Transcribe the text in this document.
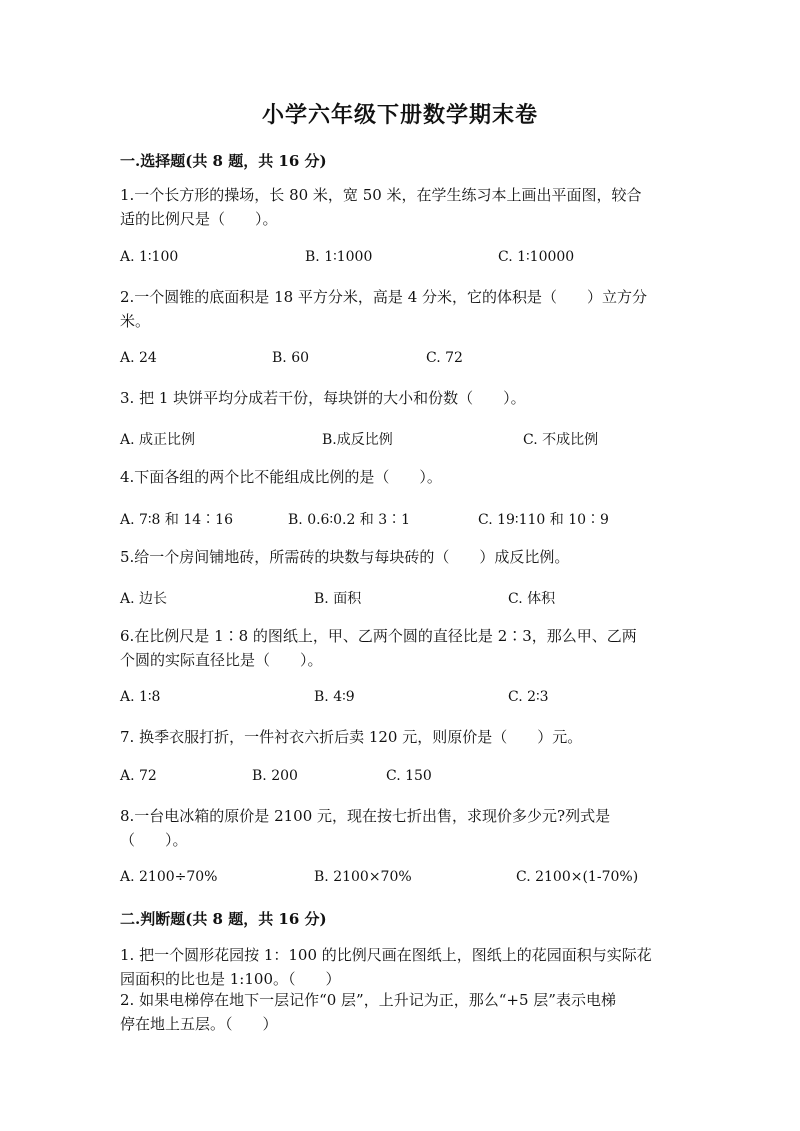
小学六年级下册数学期末卷
一.选择题(共 8 题，共 16 分)
1.一个长方形的操场，长 80 米，宽 50 米，在学生练习本上画出平面图，较合
适的比例尺是（　　）。
A. 1∶100	B. 1∶1000	C. 1∶10000
2.一个圆锥的底面积是 18 平方分米，高是 4 分米，它的体积是（　　）立方分
米。
A. 24	B. 60	C. 72
3. 把 1 块饼平均分成若干份，每块饼的大小和份数（　　）。
A. 成正比例	B.成反比例	C. 不成比例
4.下面各组的两个比不能组成比例的是（　　）。
A. 7∶8 和 14∶16	B. 0.6∶0.2 和 3∶1	C. 19∶110 和 10∶9
5.给一个房间铺地砖，所需砖的块数与每块砖的（　　）成反比例。
A. 边长	B. 面积	C. 体积
6.在比例尺是 1∶8 的图纸上，甲、乙两个圆的直径比是 2∶3，那么甲、乙两
个圆的实际直径比是（　　）。
A. 1∶8	B. 4∶9	C. 2∶3
7. 换季衣服打折，一件衬衣六折后卖 120 元，则原价是（　　）元。
A. 72	B. 200	C. 150
8.一台电冰箱的原价是 2100 元，现在按七折出售，求现价多少元?列式是
（　　）。
A. 2100÷70%	B. 2100×70%	C. 2100×(1-70%)
二.判断题(共 8 题，共 16 分)
1. 把一个圆形花园按 1：100 的比例尺画在图纸上，图纸上的花园面积与实际花
园面积的比也是 1:100。（　　）
2. 如果电梯停在地下一层记作“0 层”，上升记为正，那么“+5 层”表示电梯
停在地上五层。（　　）
